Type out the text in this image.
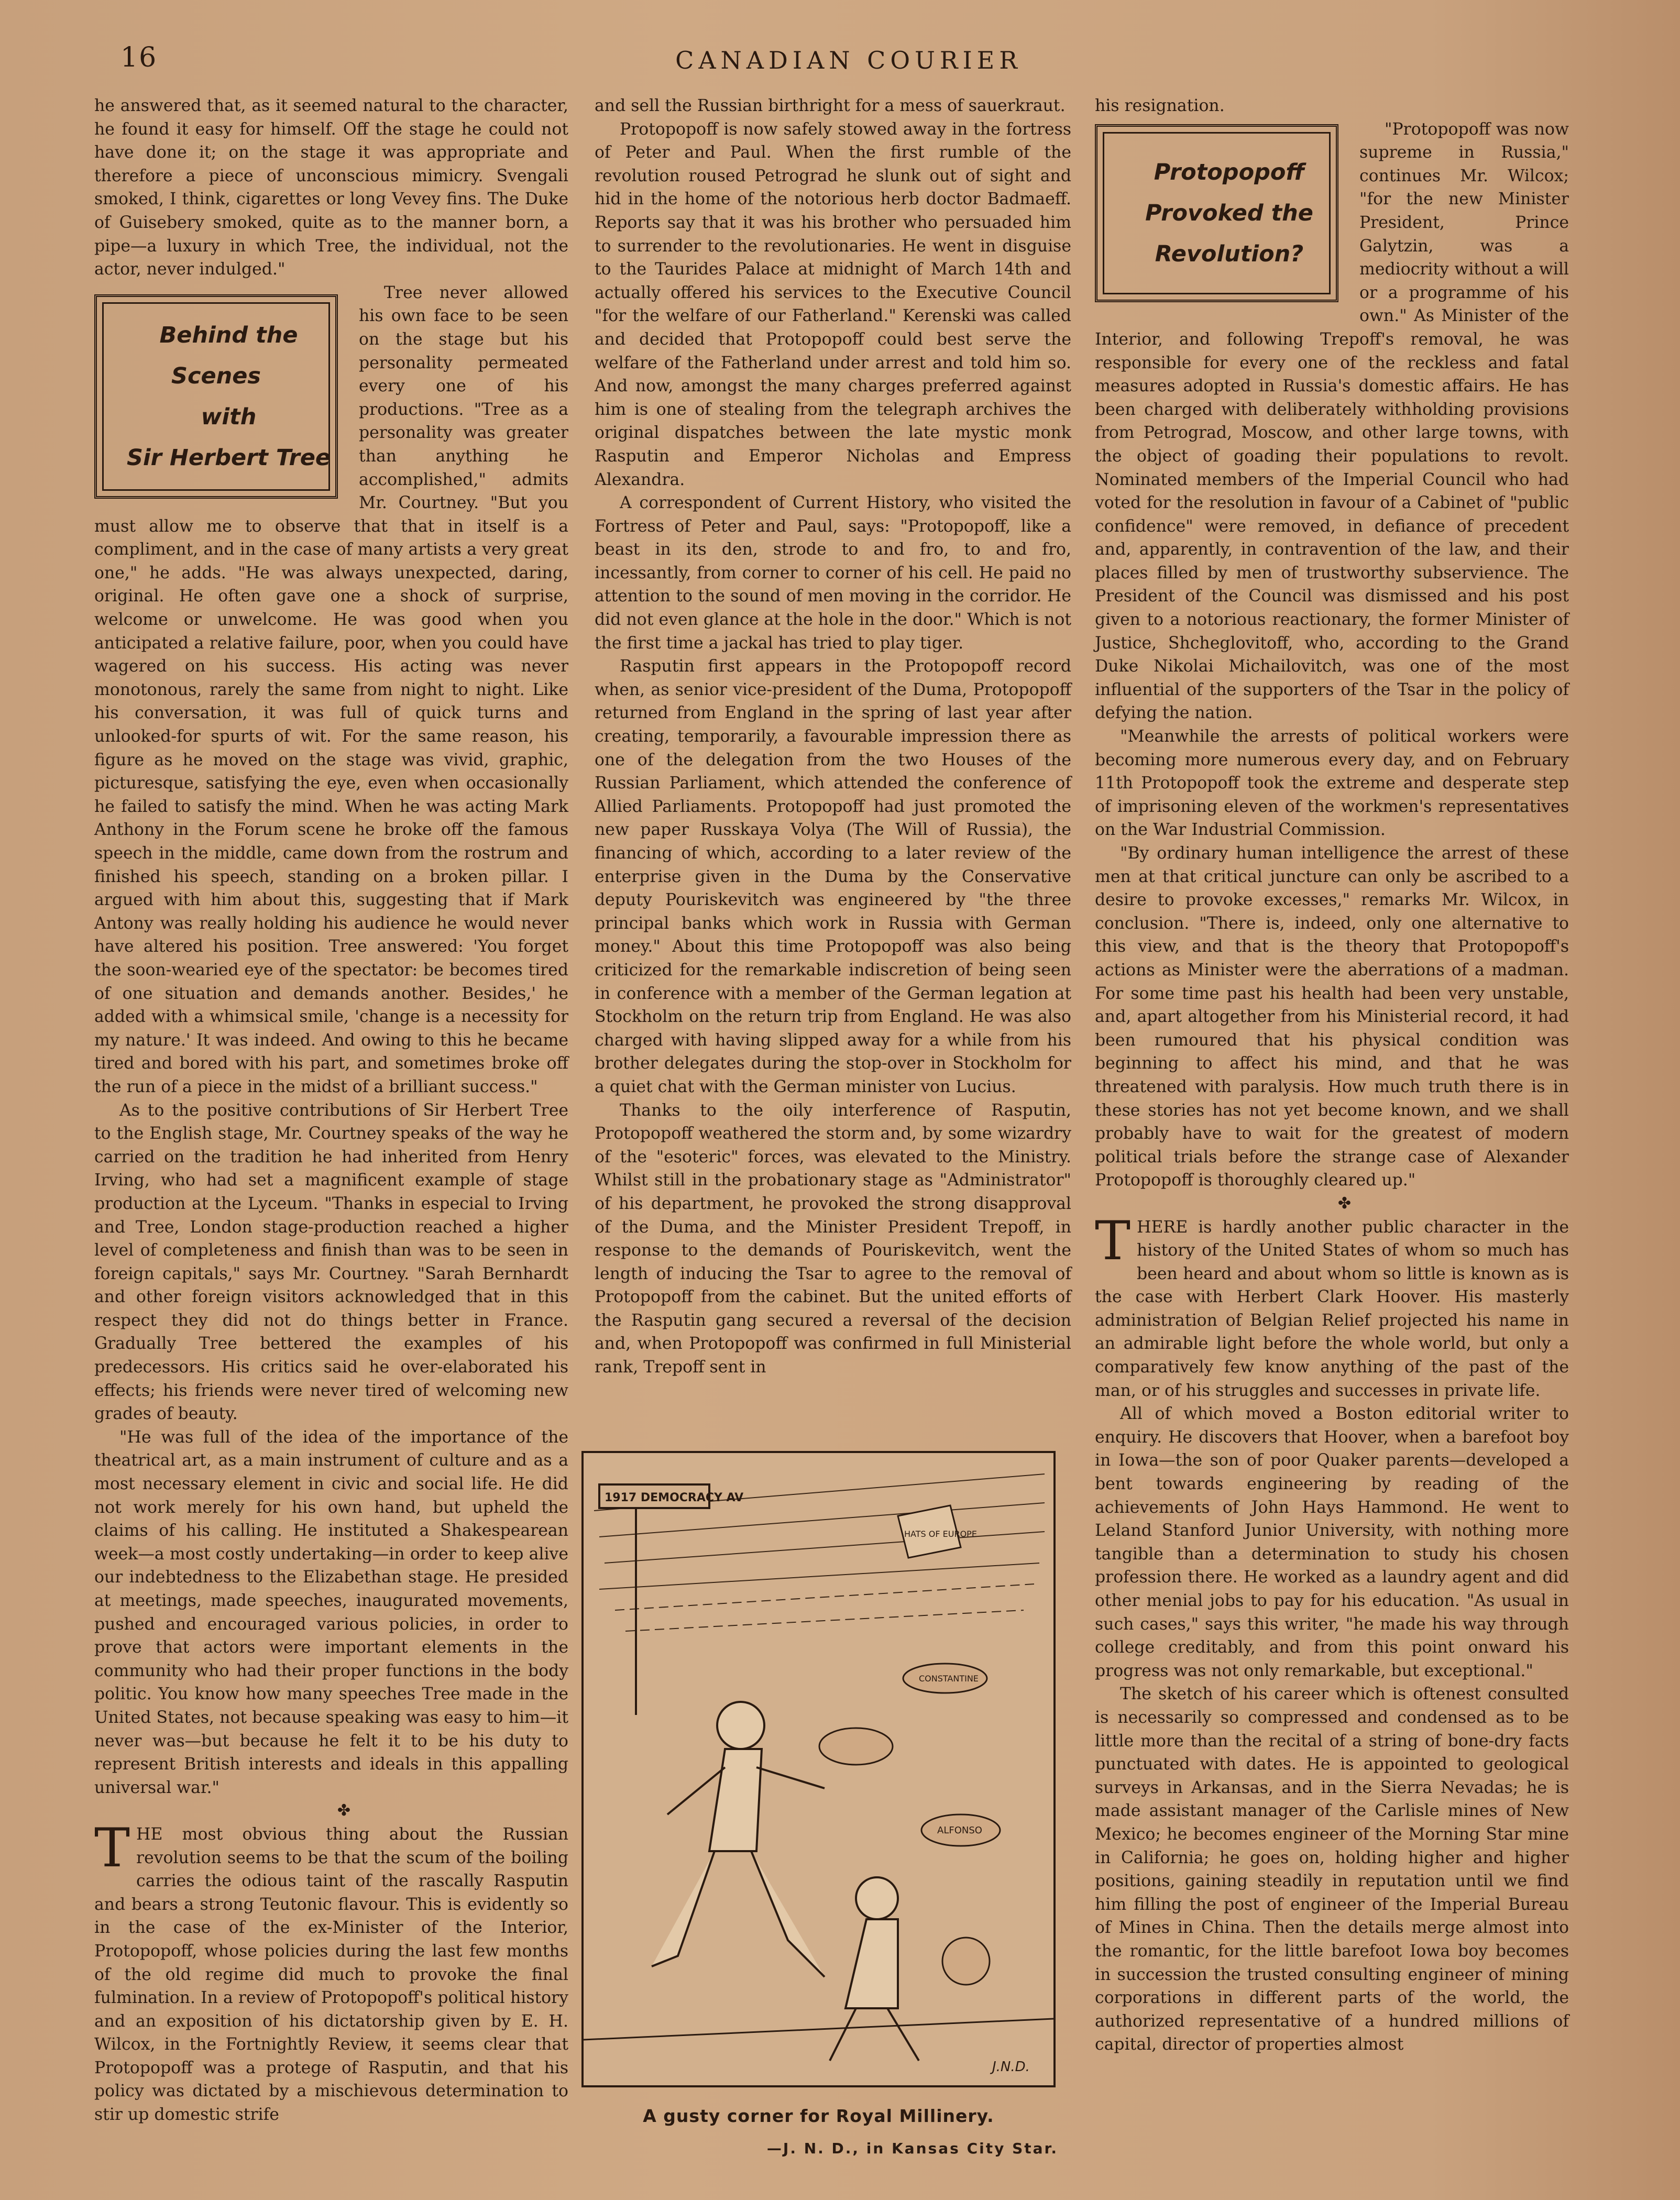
16	CANADIAN COURIER

he answered that, as it seemed natural to the character, he found it easy for himself. Off the stage he could not have done it; on the stage it was appropriate and therefore a piece of unconscious mimicry. Svengali smoked, I think, cigarettes or long Vevey fins. The Duke of Guisebery smoked, quite as to the manner born, a pipe—a luxury in which Tree, the individual, not the actor, never indulged."

Behind the Scenes
with
Sir Herbert Tree
Tree never allowed his own face to be seen on the stage but his personality permeated every one of his productions. "Tree as a personality was greater than anything he accomplished," admits Mr. Courtney. "But you must allow me to observe that that in itself is a compliment, and in the case of many artists a very great one," he adds. "He was always unexpected, daring, original. He often gave one a shock of surprise, welcome or unwelcome. He was good when you anticipated a relative failure, poor, when you could have wagered on his success. His acting was never monotonous, rarely the same from night to night. Like his conversation, it was full of quick turns and unlooked-for spurts of wit. For the same reason, his figure as he moved on the stage was vivid, graphic, picturesque, satisfying the eye, even when occasionally he failed to satisfy the mind. When he was acting Mark Anthony in the Forum scene he broke off the famous speech in the middle, came down from the rostrum and finished his speech, standing on a broken pillar. I argued with him about this, suggesting that if Mark Antony was really holding his audience he would never have altered his position. Tree answered: 'You forget the soon-wearied eye of the spectator: be becomes tired of one situation and demands another. Besides,' he added with a whimsical smile, 'change is a necessity for my nature.' It was indeed. And owing to this he became tired and bored with his part, and sometimes broke off the run of a piece in the midst of a brilliant success."

As to the positive contributions of Sir Herbert Tree to the English stage, Mr. Courtney speaks of the way he carried on the tradition he had inherited from Henry Irving, who had set a magnificent example of stage production at the Lyceum. "Thanks in especial to Irving and Tree, London stage-production reached a higher level of completeness and finish than was to be seen in foreign capitals," says Mr. Courtney. "Sarah Bernhardt and other foreign visitors acknowledged that in this respect they did not do things better in France. Gradually Tree bettered the examples of his predecessors. His critics said he over-elaborated his effects; his friends were never tired of welcoming new grades of beauty.

"He was full of the idea of the importance of the theatrical art, as a main instrument of culture and as a most necessary element in civic and social life. He did not work merely for his own hand, but upheld the claims of his calling. He instituted a Shakespearean week—a most costly undertaking—in order to keep alive our indebtedness to the Elizabethan stage. He presided at meetings, made speeches, inaugurated movements, pushed and encouraged various policies, in order to prove that actors were important elements in the community who had their proper functions in the body politic. You know how many speeches Tree made in the United States, not because speaking was easy to him—it never was—but because he felt it to be his duty to represent British interests and ideals in this appalling universal war."

✤

T HE most obvious thing about the Russian revolution seems to be that the scum of the boiling carries the odious taint of the rascally Rasputin and bears a strong Teutonic flavour. This is evidently so in the case of the ex-Minister of the Interior, Protopopoff, whose policies during the last few months of the old regime did much to provoke the final fulmination. In a review of Protopopoff's political history and an exposition of his dictatorship given by E. H. Wilcox, in the Fortnightly Review, it seems clear that Protopopoff was a protege of Rasputin, and that his policy was dictated by a mischievous determination to stir up domestic strife

and sell the Russian birthright for a mess of sauerkraut.

Protopopoff is now safely stowed away in the fortress of Peter and Paul. When the first rumble of the revolution roused Petrograd he slunk out of sight and hid in the home of the notorious herb doctor Badmaeff. Reports say that it was his brother who persuaded him to surrender to the revolutionaries. He went in disguise to the Taurides Palace at midnight of March 14th and actually offered his services to the Executive Council "for the welfare of our Fatherland." Kerenski was called and decided that Protopopoff could best serve the welfare of the Fatherland under arrest and told him so. And now, amongst the many charges preferred against him is one of stealing from the telegraph archives the original dispatches between the late mystic monk Rasputin and Emperor Nicholas and Empress Alexandra.

A correspondent of Current History, who visited the Fortress of Peter and Paul, says: "Protopopoff, like a beast in its den, strode to and fro, to and fro, incessantly, from corner to corner of his cell. He paid no attention to the sound of men moving in the corridor. He did not even glance at the hole in the door." Which is not the first time a jackal has tried to play tiger.

Rasputin first appears in the Protopopoff record when, as senior vice-president of the Duma, Protopopoff returned from England in the spring of last year after creating, temporarily, a favourable impression there as one of the delegation from the two Houses of the Russian Parliament, which attended the conference of Allied Parliaments. Protopopoff had just promoted the new paper Russkaya Volya (The Will of Russia), the financing of which, according to a later review of the enterprise given in the Duma by the Conservative deputy Pouriskevitch was engineered by "the three principal banks which work in Russia with German money." About this time Protopopoff was also being criticized for the remarkable indiscretion of being seen in conference with a member of the German legation at Stockholm on the return trip from England. He was also charged with having slipped away for a while from his brother delegates during the stop-over in Stockholm for a quiet chat with the German minister von Lucius.

Thanks to the oily interference of Rasputin, Protopopoff weathered the storm and, by some wizardry of the "esoteric" forces, was elevated to the Ministry. Whilst still in the probationary stage as "Administrator" of his department, he provoked the strong disapproval of the Duma, and the Minister President Trepoff, in response to the demands of Pouriskevitch, went the length of inducing the Tsar to agree to the removal of Protopopoff from the cabinet. But the united efforts of the Rasputin gang secured a reversal of the decision and, when Protopopoff was confirmed in full Ministerial rank, Trepoff sent in

1917 DEMOCRACY AV
HATS OF EUROPE
CONSTANTINE
ALFONSO
J.N.D.
A gusty corner for Royal Millinery.
—J. N. D., in Kansas City Star.

his resignation.

Protopopoff
Provoked the
Revolution?
"Protopopoff was now supreme in Russia," continues Mr. Wilcox; "for the new Minister President, Prince Galytzin, was a mediocrity without a will or a programme of his own." As Minister of the Interior, and following Trepoff's removal, he was responsible for every one of the reckless and fatal measures adopted in Russia's domestic affairs. He has been charged with deliberately withholding provisions from Petrograd, Moscow, and other large towns, with the object of goading their populations to revolt. Nominated members of the Imperial Council who had voted for the resolution in favour of a Cabinet of "public confidence" were removed, in defiance of precedent and, apparently, in contravention of the law, and their places filled by men of trustworthy subservience. The President of the Council was dismissed and his post given to a notorious reactionary, the former Minister of Justice, Shcheglovitoff, who, according to the Grand Duke Nikolai Michailovitch, was one of the most influential of the supporters of the Tsar in the policy of defying the nation.

"Meanwhile the arrests of political workers were becoming more numerous every day, and on February 11th Protopopoff took the extreme and desperate step of imprisoning eleven of the workmen's representatives on the War Industrial Commission.

"By ordinary human intelligence the arrest of these men at that critical juncture can only be ascribed to a desire to provoke excesses," remarks Mr. Wilcox, in conclusion. "There is, indeed, only one alternative to this view, and that is the theory that Protopopoff's actions as Minister were the aberrations of a madman. For some time past his health had been very unstable, and, apart altogether from his Ministerial record, it had been rumoured that his physical condition was beginning to affect his mind, and that he was threatened with paralysis. How much truth there is in these stories has not yet become known, and we shall probably have to wait for the greatest of modern political trials before the strange case of Alexander Protopopoff is thoroughly cleared up."

✤

T HERE is hardly another public character in the history of the United States of whom so much has been heard and about whom so little is known as is the case with Herbert Clark Hoover. His masterly administration of Belgian Relief projected his name in an admirable light before the whole world, but only a comparatively few know anything of the past of the man, or of his struggles and successes in private life.

All of which moved a Boston editorial writer to enquiry. He discovers that Hoover, when a barefoot boy in Iowa—the son of poor Quaker parents—developed a bent towards engineering by reading of the achievements of John Hays Hammond. He went to Leland Stanford Junior University, with nothing more tangible than a determination to study his chosen profession there. He worked as a laundry agent and did other menial jobs to pay for his education. "As usual in such cases," says this writer, "he made his way through college creditably, and from this point onward his progress was not only remarkable, but exceptional."

The sketch of his career which is oftenest consulted is necessarily so compressed and condensed as to be little more than the recital of a string of bone-dry facts punctuated with dates. He is appointed to geological surveys in Arkansas, and in the Sierra Nevadas; he is made assistant manager of the Carlisle mines of New Mexico; he becomes engineer of the Morning Star mine in California; he goes on, holding higher and higher positions, gaining steadily in reputation until we find him filling the post of engineer of the Imperial Bureau of Mines in China. Then the details merge almost into the romantic, for the little barefoot Iowa boy becomes in succession the trusted consulting engineer of mining corporations in different parts of the world, the authorized representative of a hundred millions of capital, director of properties almost
